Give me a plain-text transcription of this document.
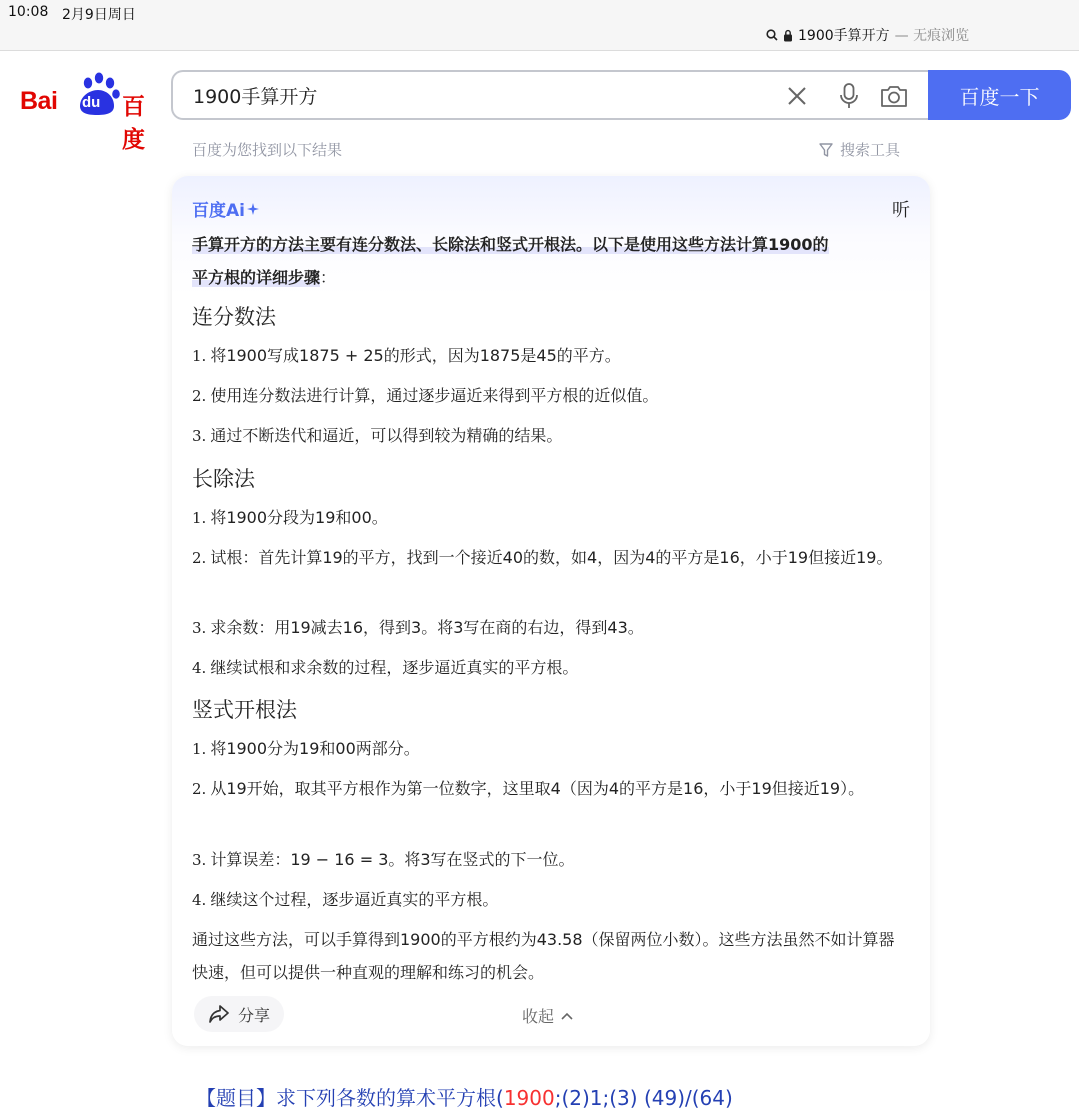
10:08 2月9日周日
1900手算开方 — 无痕浏览
Bai du 百度
1900手算开方
百度一下
百度为您找到以下结果	搜索工具
百度Ai	听
手算开方的方法主要有连分数法、长除法和竖式开根法。以下是使用这些方法计算1900的
平方根的详细步骤：
连分数法
1. 将1900写成1875 + 25的形式，因为1875是45的平方。
2. 使用连分数法进行计算，通过逐步逼近来得到平方根的近似值。
3. 通过不断迭代和逼近，可以得到较为精确的结果。
长除法
1. 将1900分段为19和00。
2. 试根：首先计算19的平方，找到一个接近40的数，如4，因为4的平方是16，小于19但接近19。
3. 求余数：用19减去16，得到3。将3写在商的右边，得到43。
4. 继续试根和求余数的过程，逐步逼近真实的平方根。
竖式开根法
1. 将1900分为19和00两部分。
2. 从19开始，取其平方根作为第一位数字，这里取4（因为4的平方是16，小于19但接近19）。
3. 计算误差：19 − 16 = 3。将3写在竖式的下一位。
4. 继续这个过程，逐步逼近真实的平方根。
通过这些方法，可以手算得到1900的平方根约为43.58（保留两位小数）。这些方法虽然不如计算器快速，但可以提供一种直观的理解和练习的机会。
分享	收起
【题目】求下列各数的算术平方根(1900;(2)1;(3) (49)/(64)
